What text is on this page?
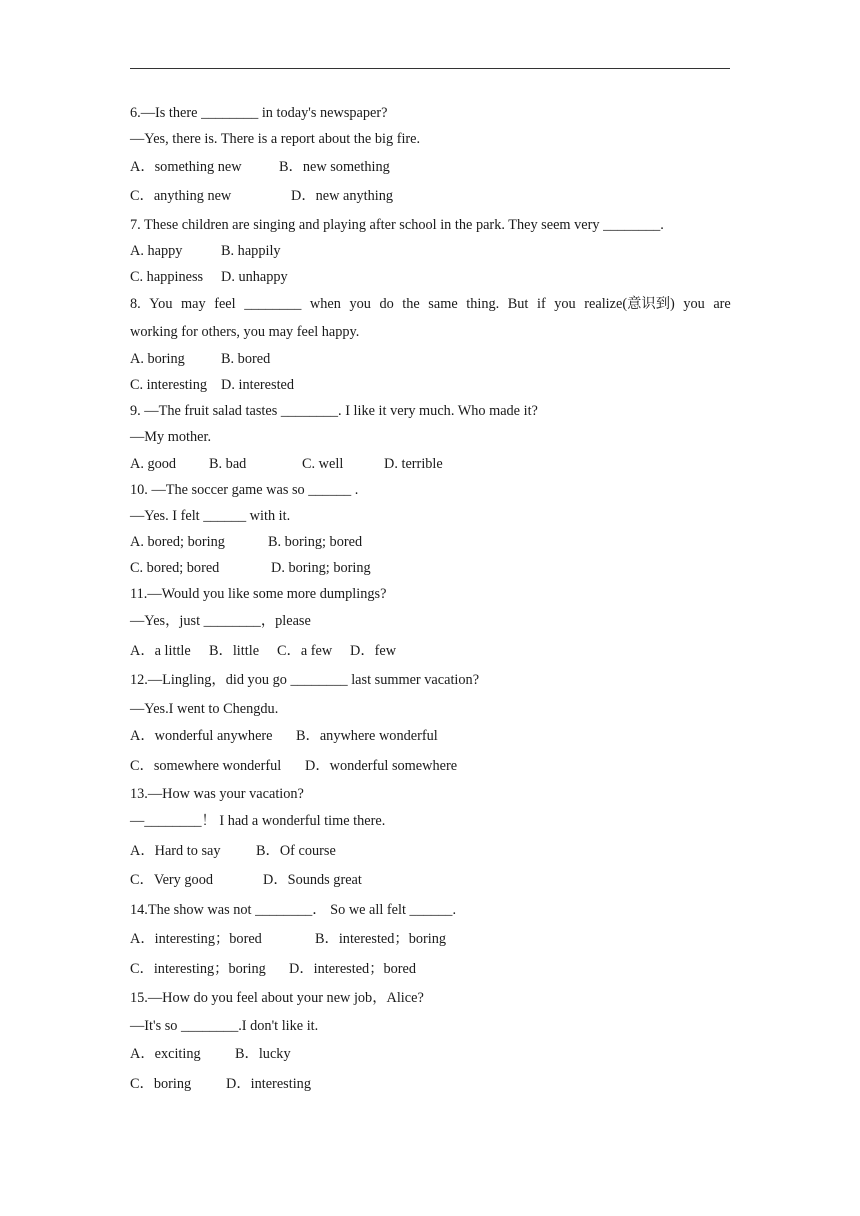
6.—Is there ________ in today's newspaper?
—Yes, there is. There is a report about the big fire.
A．something new	B．new something
C．anything new	D．new anything
7. These children are singing and playing after school in the park. They seem very ________.
A. happy	B. happily
C. happiness D. unhappy
8. You may feel ________ when you do the same thing. But if you realize(意识到) you are
working for others, you may feel happy.
A. boring	B. bored
C. interesting D. interested
9. —The fruit salad tastes ________. I like it very much. Who made it?
—My mother.
A. good B. bad	C. well	D. terrible
10. —The soccer game was so ______ .
—Yes. I felt ______ with it.
A. bored; boring	B. boring; bored
C. bored; bored	D. boring; boring
11.—Would you like some more dumplings?
—Yes，just ________，please
A．a little B．little C．a few D．few
12.—Lingling，did you go ________ last summer vacation?
—Yes.I went to Chengdu.
A．wonderful anywhere B．anywhere wonderful
C．somewhere wonderful D．wonderful somewhere
13.—How was your vacation?
—________！ I had a wonderful time there.
A．Hard to say B．Of course
C．Very good	D．Sounds great
14.The show was not ________． So we all felt ______.
A．interesting；bored	B．interested；boring
C．interesting；boring D．interested；bored
15.—How do you feel about your new job，Alice?
—It's so ________.I don't like it.
A．exciting B．lucky
C．boring D．interesting
